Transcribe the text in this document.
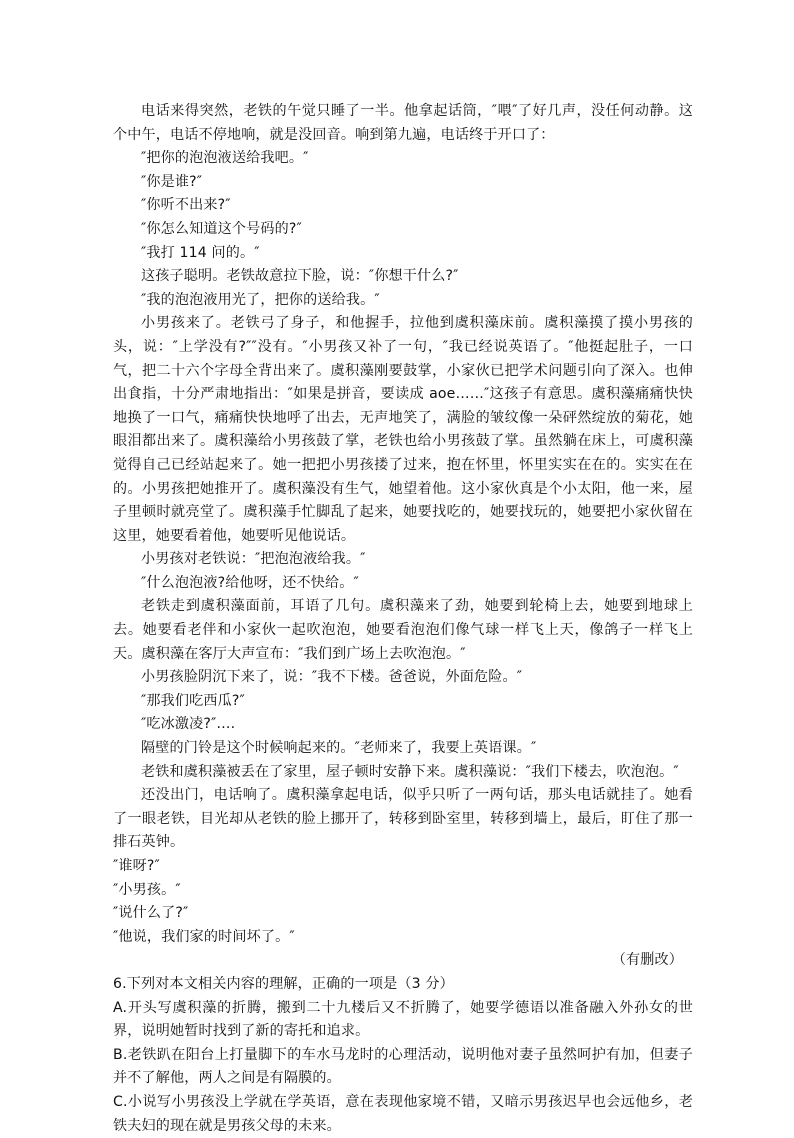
电话来得突然，老铁的午觉只睡了一半。他拿起话筒，″喂″了好几声，没任何动静。这个中午，电话不停地响，就是没回音。响到第九遍，电话终于开口了：

″把你的泡泡液送给我吧。″

″你是谁?″

″你听不出来?″

″你怎么知道这个号码的?″

″我打 114 问的。″

这孩子聪明。老铁故意拉下脸，说：″你想干什么?″

″我的泡泡液用光了，把你的送给我。″

小男孩来了。老铁弓了身子，和他握手，拉他到虞积藻床前。虞积藻摸了摸小男孩的头，说：″上学没有?″″没有。″小男孩又补了一句，″我已经说英语了。″他挺起肚子，一口气，把二十六个字母全背出来了。虞积藻刚要鼓掌，小家伙已把学术问题引向了深入。也伸出食指，十分严肃地指出：″如果是拼音，要读成 aoe……″这孩子有意思。虞积藻痛痛快快地换了一口气，痛痛快快地呼了出去，无声地笑了，满脸的皱纹像一朵砰然绽放的菊花，她眼泪都出来了。虞积藻给小男孩鼓了掌，老铁也给小男孩鼓了掌。虽然躺在床上，可虞积藻觉得自己已经站起来了。她一把把小男孩搂了过来，抱在怀里，怀里实实在在的。实实在在的。小男孩把她推开了。虞积藻没有生气，她望着他。这小家伙真是个小太阳，他一来，屋子里顿时就亮堂了。虞积藻手忙脚乱了起来，她要找吃的，她要找玩的，她要把小家伙留在这里，她要看着他，她要听见他说话。

小男孩对老铁说：″把泡泡液给我。″

″什么泡泡液?给他呀，还不快给。″

老铁走到虞积藻面前，耳语了几句。虞积藻来了劲，她要到轮椅上去，她要到地球上去。她要看老伴和小家伙一起吹泡泡，她要看泡泡们像气球一样飞上天，像鸽子一样飞上天。虞积藻在客厅大声宣布：″我们到广场上去吹泡泡。″

小男孩脸阴沉下来了，说：″我不下楼。爸爸说，外面危险。″

″那我们吃西瓜?″

″吃冰激凌?″….

隔壁的门铃是这个时候响起来的。″老师来了，我要上英语课。″

老铁和虞积藻被丢在了家里，屋子顿时安静下来。虞积藻说：″我们下楼去，吹泡泡。″

还没出门，电话响了。虞积藻拿起电话，似乎只听了一两句话，那头电话就挂了。她看了一眼老铁，目光却从老铁的脸上挪开了，转移到卧室里，转移到墙上，最后，盯住了那一排石英钟。

″谁呀?″

″小男孩。″

″说什么了?″

″他说，我们家的时间坏了。″

（有删改）

6.下列对本文相关内容的理解，正确的一项是（3 分）

A.开头写虞积藻的折腾，搬到二十九楼后又不折腾了，她要学德语以准备融入外孙女的世界，说明她暂时找到了新的寄托和追求。

B.老铁趴在阳台上打量脚下的车水马龙时的心理活动，说明他对妻子虽然呵护有加，但妻子并不了解他，两人之间是有隔膜的。

C.小说写小男孩没上学就在学英语，意在表现他家境不错，又暗示男孩迟早也会远他乡，老铁夫妇的现在就是男孩父母的未来。
